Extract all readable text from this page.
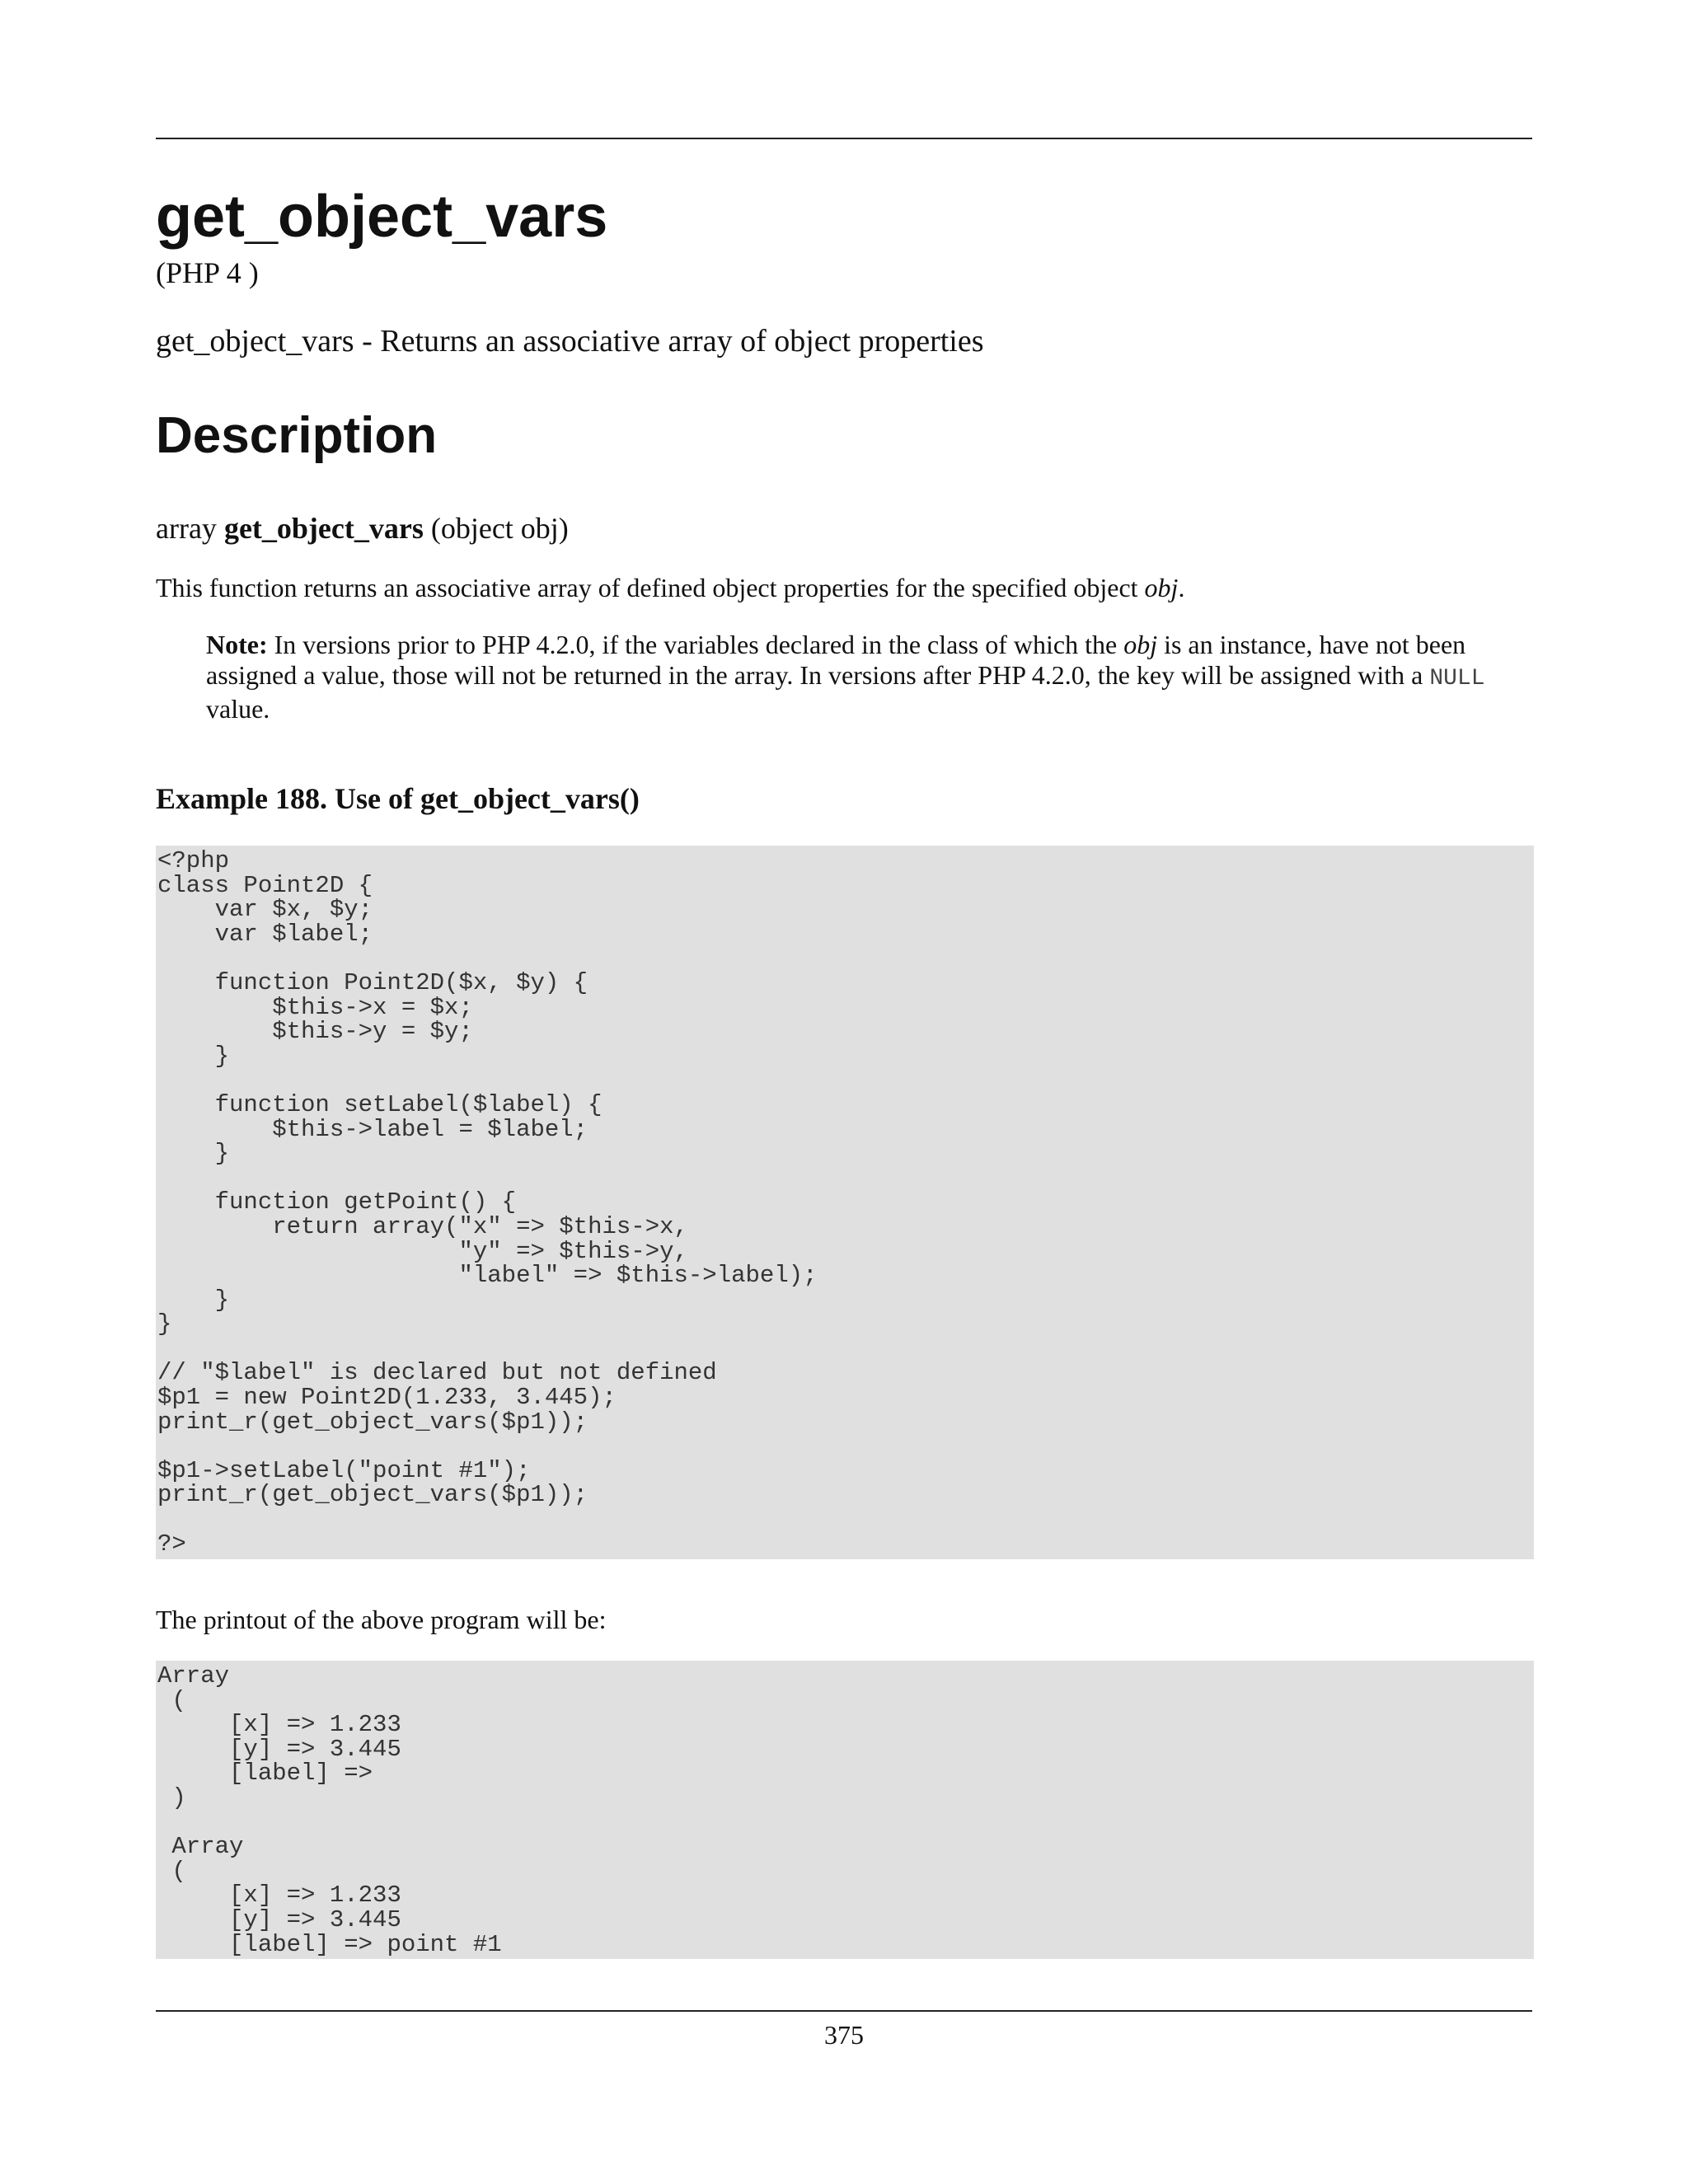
get_object_vars
(PHP 4 )
get_object_vars - Returns an associative array of object properties
Description
array get_object_vars (object obj)
This function returns an associative array of defined object properties for the specified object obj.
Note: In versions prior to PHP 4.2.0, if the variables declared in the class of which the obj is an instance, have not been assigned a value, those will not be returned in the array. In versions after PHP 4.2.0, the key will be assigned with a NULL value.
Example 188. Use of get_object_vars()
<?php
class Point2D {
var $x, $y;
var $label;

function Point2D($x, $y) {
$this->x = $x;
$this->y = $y;
}

function setLabel($label) {
$this->label = $label;
}

function getPoint() {
return array("x" => $this->x,
"y" => $this->y,
"label" => $this->label);
}
}

// "$label" is declared but not defined
$p1 = new Point2D(1.233, 3.445);
print_r(get_object_vars($p1));

$p1->setLabel("point #1");
print_r(get_object_vars($p1));

?>
The printout of the above program will be:
Array
(
[x] => 1.233
[y] => 3.445
[label] =>
)

Array
(
[x] => 1.233
[y] => 3.445
[label] => point #1
375
